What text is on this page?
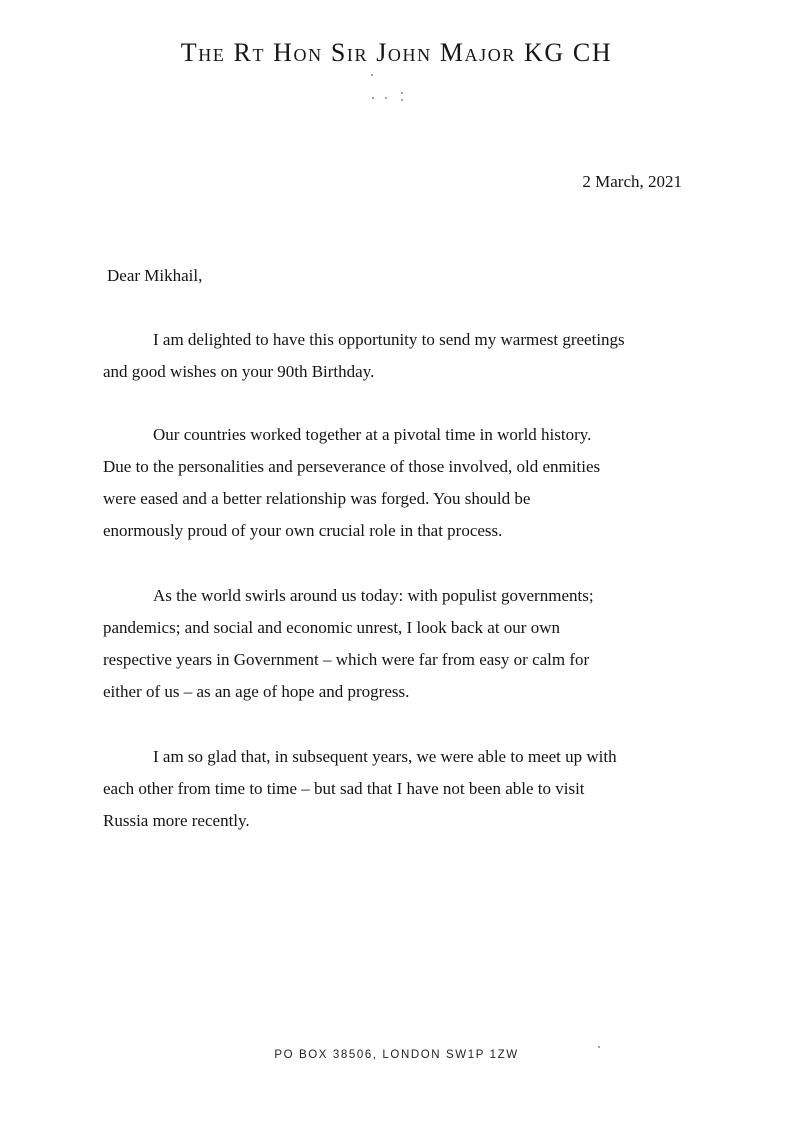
The Rt Hon Sir John Major KG CH
2 March, 2021
Dear Mikhail,

I am delighted to have this opportunity to send my warmest greetings
and good wishes on your 90th Birthday.

Our countries worked together at a pivotal time in world history.
Due to the personalities and perseverance of those involved, old enmities
were eased and a better relationship was forged. You should be
enormously proud of your own crucial role in that process.

As the world swirls around us today: with populist governments;
pandemics; and social and economic unrest, I look back at our own
respective years in Government – which were far from easy or calm for
either of us – as an age of hope and progress.

I am so glad that, in subsequent years, we were able to meet up with
each other from time to time – but sad that I have not been able to visit
Russia more recently.

PO BOX 38506, LONDON SW1P 1ZW
